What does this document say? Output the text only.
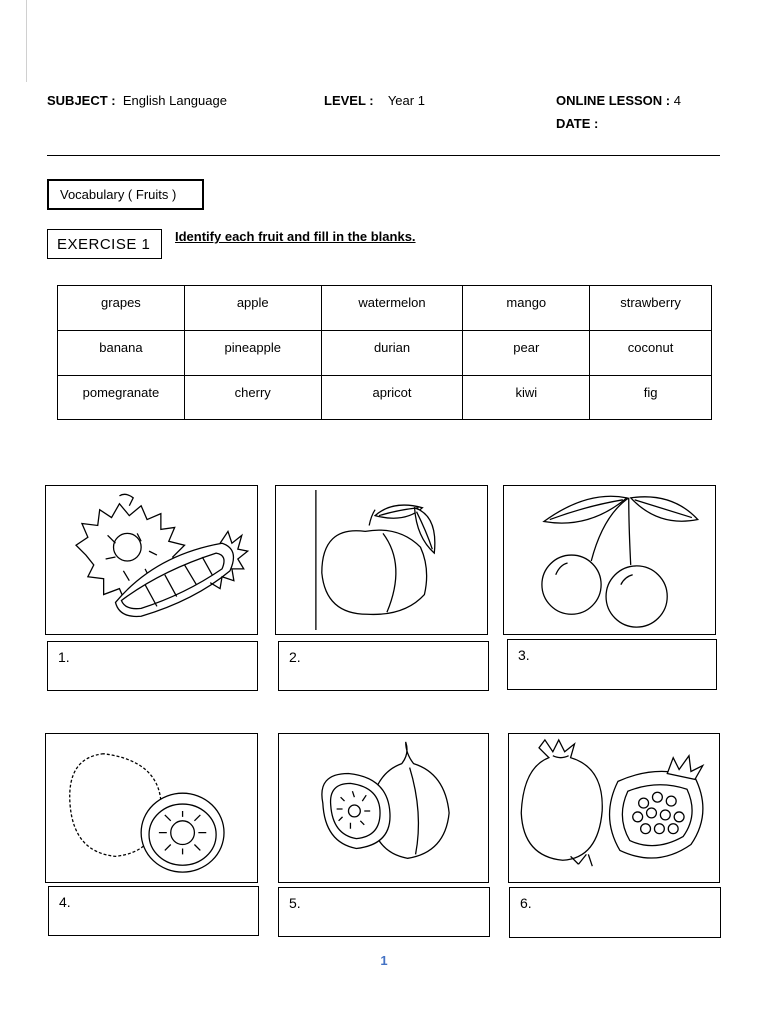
SUBJECT : English Language	LEVEL : Year 1	ONLINE LESSON : 4
DATE :
Vocabulary ( Fruits )
EXERCISE 1 Identify each fruit and fill in the blanks.
grapes	apple	watermelon	mango	strawberry
banana	pineapple	durian	pear	coconut
pomegranate	cherry	apricot	kiwi	fig
1.	2.	3.
4.	5.	6.
1
